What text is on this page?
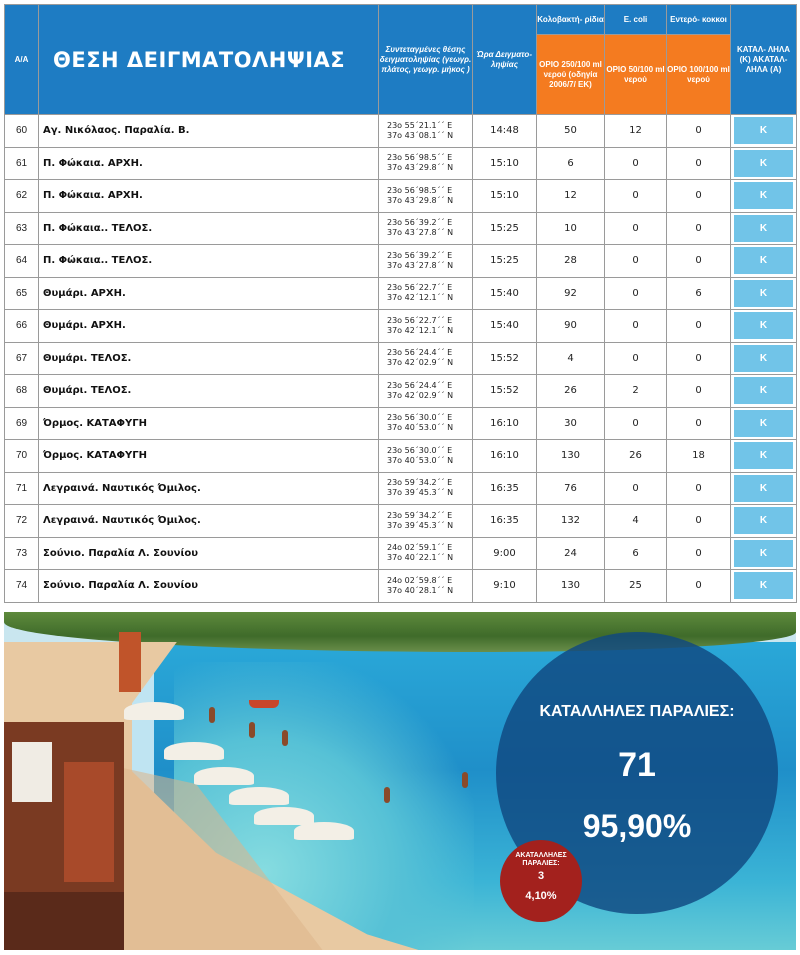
Α/Α	ΘΕΣΗ ΔΕΙΓΜΑΤΟΛΗΨΙΑΣ	Συντεταγμένες θέσης δειγματοληψίας (γεωγρ. πλάτος, γεωγρ. μήκος )	Ώρα Δειγματο- ληψίας	Κολοβακτή- ρίδια	E. coli	Εντερό- κοκκοι	ΚΑΤΑΛ- ΛΗΛΑ (Κ) ΑΚΑΤΑΛ- ΛΗΛΑ (Α)
				ΟΡΙΟ 250/100 ml νερού (οδηγία 2006/7/ ΕΚ)	ΟΡΙΟ 50/100 ml νερού	ΟΡΙΟ 100/100 ml νερού	
60	Αγ. Νικόλαος. Παραλία. Β.	23ο 55΄21.1΄΄ E
37ο 43΄08.1΄΄ N	14:48	50	12	0	Κ

61	Π. Φώκαια. ΑΡΧΗ.	23ο 56΄98.5΄΄ E
37ο 43΄29.8΄΄ N	15:10	6	0	0	Κ

62	Π. Φώκαια. ΑΡΧΗ.	23ο 56΄98.5΄΄ E
37ο 43΄29.8΄΄ N	15:10	12	0	0	Κ

63	Π. Φώκαια.. ΤΕΛΟΣ.	23ο 56΄39.2΄΄ E
37ο 43΄27.8΄΄ N	15:25	10	0	0	Κ

64	Π. Φώκαια.. ΤΕΛΟΣ.	23ο 56΄39.2΄΄ E
37ο 43΄27.8΄΄ N	15:25	28	0	0	Κ

65	Θυμάρι. ΑΡΧΗ.	23ο 56΄22.7΄΄ E
37ο 42΄12.1΄΄ N	15:40	92	0	6	Κ

66	Θυμάρι. ΑΡΧΗ.	23ο 56΄22.7΄΄ E
37ο 42΄12.1΄΄ N	15:40	90	0	0	Κ

67	Θυμάρι. ΤΕΛΟΣ.	23ο 56΄24.4΄΄ E
37ο 42΄02.9΄΄ N	15:52	4	0	0	Κ

68	Θυμάρι. ΤΕΛΟΣ.	23ο 56΄24.4΄΄ E
37ο 42΄02.9΄΄ N	15:52	26	2	0	Κ

69	Όρμος. ΚΑΤΑΦΥΓΗ	23ο 56΄30.0΄΄ E
37ο 40΄53.0΄΄ N	16:10	30	0	0	Κ

70	Όρμος. ΚΑΤΑΦΥΓΗ	23ο 56΄30.0΄΄ E
37ο 40΄53.0΄΄ N	16:10	130	26	18	Κ

71	Λεγραινά. Ναυτικός Όμιλος.	23ο 59΄34.2΄΄ E
37ο 39΄45.3΄΄ N	16:35	76	0	0	Κ

72	Λεγραινά. Ναυτικός Όμιλος.	23ο 59΄34.2΄΄ E
37ο 39΄45.3΄΄ N	16:35	132	4	0	Κ

73	Σούνιο. Παραλία Λ. Σουνίου	24ο 02΄59.1΄΄ E
37ο 40΄22.1΄΄ N	9:00	24	6	0	Κ

74	Σούνιο. Παραλία Λ. Σουνίου	24ο 02΄59.8΄΄ E
37ο 40΄28.1΄΄ N	9:10	130	25	0	Κ
ΚΑΤΑΛΛΗΛΕΣ ΠΑΡΑΛΙΕΣ:
71
95,90%
ΑΚΑΤΑΛΛΗΛΕΣ ΠΑΡΑΛΙΕΣ:
3
4,10%
